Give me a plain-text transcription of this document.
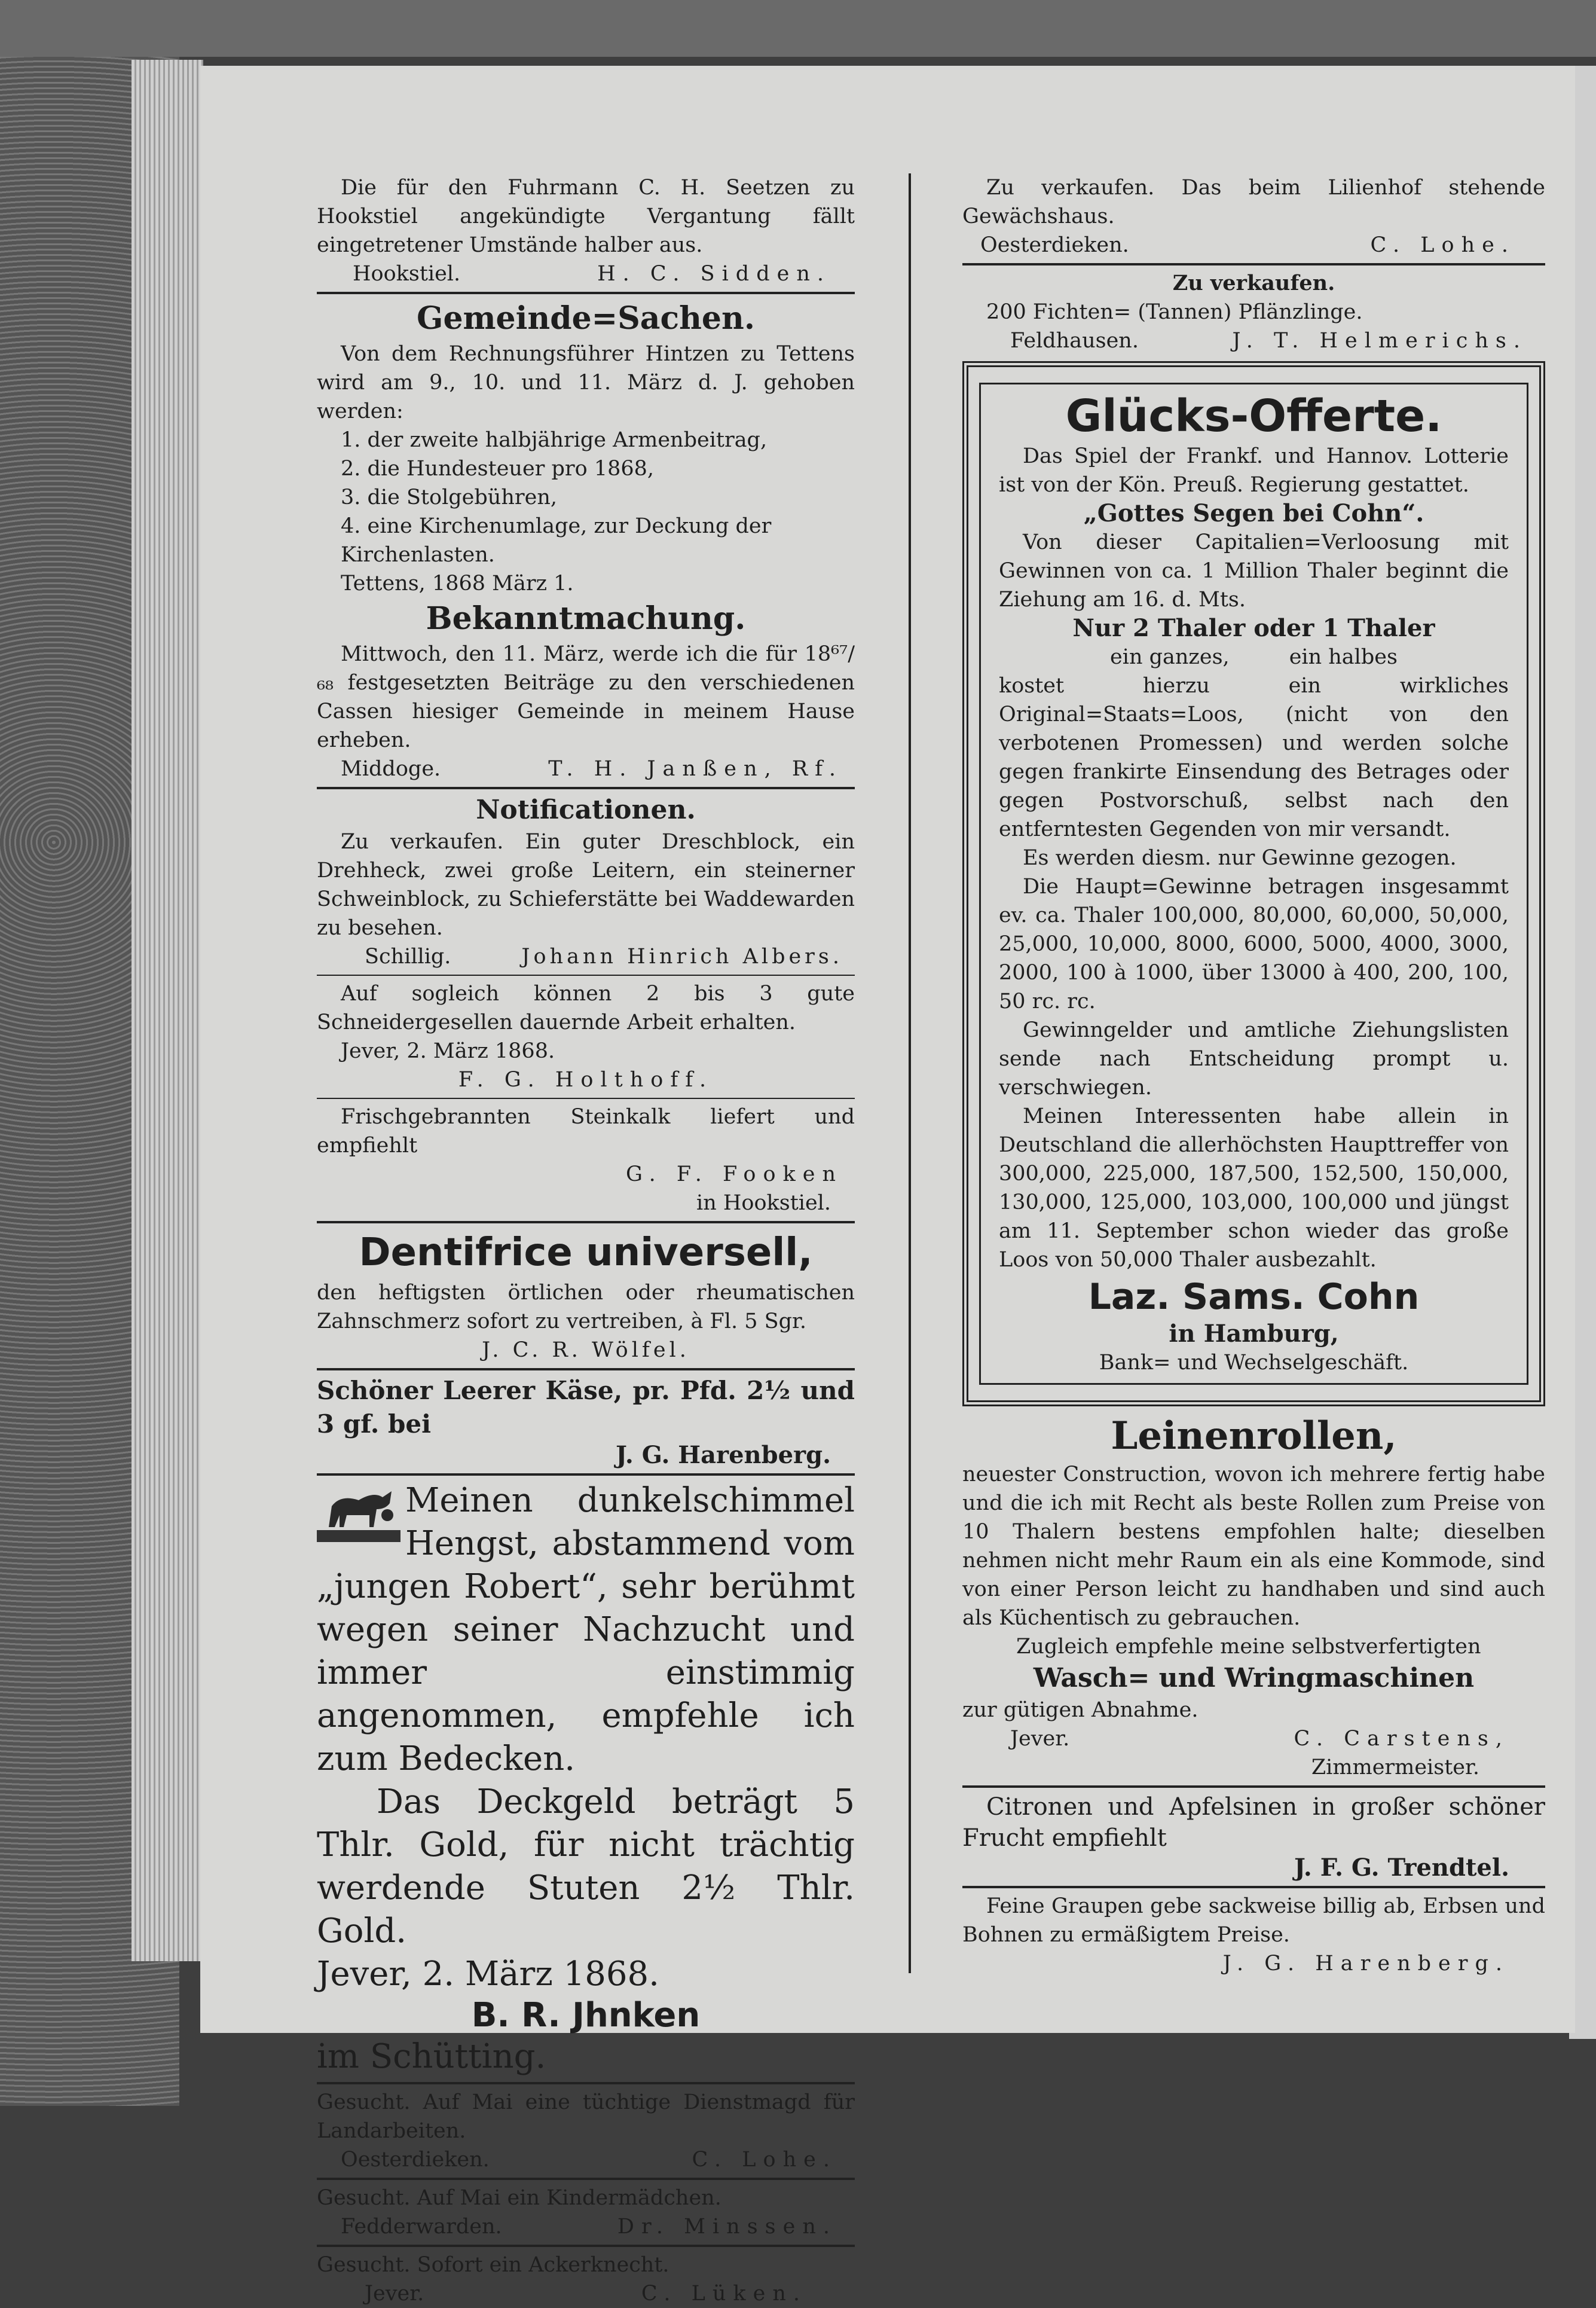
Die für den Fuhrmann C. H. Seetzen zu Hookstiel angekündigte Vergantung fällt eingetretener Umstände halber aus.

Hookstiel.	H. C. Sidden.

Gemeinde=Sachen.

Von dem Rechnungsführer Hintzen zu Tettens wird am 9., 10. und 11. März d. J. gehoben werden:

1. der zweite halbjährige Armenbeitrag,

2. die Hundesteuer pro 1868,

3. die Stolgebühren,

4. eine Kirchenumlage, zur Deckung der Kirchenlasten.

Tettens, 1868 März 1.

Bekanntmachung.

Mittwoch, den 11. März, werde ich die für 18⁶⁷/₆₈ festgesetzten Beiträge zu den verschiedenen Cassen hiesiger Gemeinde in meinem Hause erheben.

Middoge.	T. H. Janßen, Rf.

Notificationen.

Zu verkaufen. Ein guter Dreschblock, ein Drehheck, zwei große Leitern, ein steinerner Schweinblock, zu Schieferstätte bei Waddewarden zu besehen.

Schillig.	Johann Hinrich Albers.

Auf sogleich können 2 bis 3 gute Schneidergesellen dauernde Arbeit erhalten.

Jever, 2. März 1868.

F. G. Holthoff.

Frischgebrannten Steinkalk liefert und empfiehlt

G. F. Fooken

in Hookstiel.

Dentifrice universell,

den heftigsten örtlichen oder rheumatischen Zahnschmerz sofort zu vertreiben, à Fl. 5 Sgr.

J. C. R. Wölfel.

Schöner Leerer Käse, pr. Pfd. 2½ und 3 gf. bei

J. G. Harenberg.

Meinen dunkelschimmel Hengst, abstammend vom „jungen Robert“, sehr berühmt wegen seiner Nachzucht und immer einstimmig angenommen, empfehle ich zum Bedecken.

Das Deckgeld beträgt 5 Thlr. Gold, für nicht trächtig werdende Stuten 2½ Thlr. Gold.

Jever, 2. März 1868.

B. R. Jhnken

im Schütting.

Gesucht. Auf Mai eine tüchtige Dienstmagd für Landarbeiten.

Oesterdieken.	C. Lohe.

Gesucht. Auf Mai ein Kindermädchen.

Fedderwarden.	Dr. Minssen.

Gesucht. Sofort ein Ackerknecht.

Jever.	C. Lüken.

Zu verkaufen. Das beim Lilienhof stehende Gewächshaus.

Oesterdieken.	C. Lohe.

Zu verkaufen.

200 Fichten= (Tannen) Pflänzlinge.

Feldhausen.	J. T. Helmerichs.

Glücks-Offerte.

Das Spiel der Frankf. und Hannov. Lotterie ist von der Kön. Preuß. Regierung gestattet.

„Gottes Segen bei Cohn“.

Von dieser Capitalien=Verloosung mit Gewinnen von ca. 1 Million Thaler beginnt die Ziehung am 16. d. Mts.

Nur 2 Thaler oder 1 Thaler

ein ganzes,	ein halbes

kostet hierzu ein wirkliches Original=Staats=Loos, (nicht von den verbotenen Promessen) und werden solche gegen frankirte Einsendung des Betrages oder gegen Postvorschuß, selbst nach den entferntesten Gegenden von mir versandt.

Es werden diesm. nur Gewinne gezogen.

Die Haupt=Gewinne betragen insgesammt ev. ca. Thaler 100,000, 80,000, 60,000, 50,000, 25,000, 10,000, 8000, 6000, 5000, 4000, 3000, 2000, 100 à 1000, über 13000 à 400, 200, 100, 50 rc. rc.

Gewinngelder und amtliche Ziehungslisten sende nach Entscheidung prompt u. verschwiegen.

Meinen Interessenten habe allein in Deutschland die allerhöchsten Haupttreffer von 300,000, 225,000, 187,500, 152,500, 150,000, 130,000, 125,000, 103,000, 100,000 und jüngst am 11. September schon wieder das große Loos von 50,000 Thaler ausbezahlt.

Laz. Sams. Cohn

in Hamburg,

Bank= und Wechselgeschäft.

Leinenrollen,

neuester Construction, wovon ich mehrere fertig habe und die ich mit Recht als beste Rollen zum Preise von 10 Thalern bestens empfohlen halte; dieselben nehmen nicht mehr Raum ein als eine Kommode, sind von einer Person leicht zu handhaben und sind auch als Küchentisch zu gebrauchen.

Zugleich empfehle meine selbstverfertigten

Wasch= und Wringmaschinen

zur gütigen Abnahme.

Jever.	C. Carstens,

Zimmermeister.

Citronen und Apfelsinen in großer schöner Frucht empfiehlt

J. F. G. Trendtel.

Feine Graupen gebe sackweise billig ab, Erbsen und Bohnen zu ermäßigtem Preise.

J. G. Harenberg.
